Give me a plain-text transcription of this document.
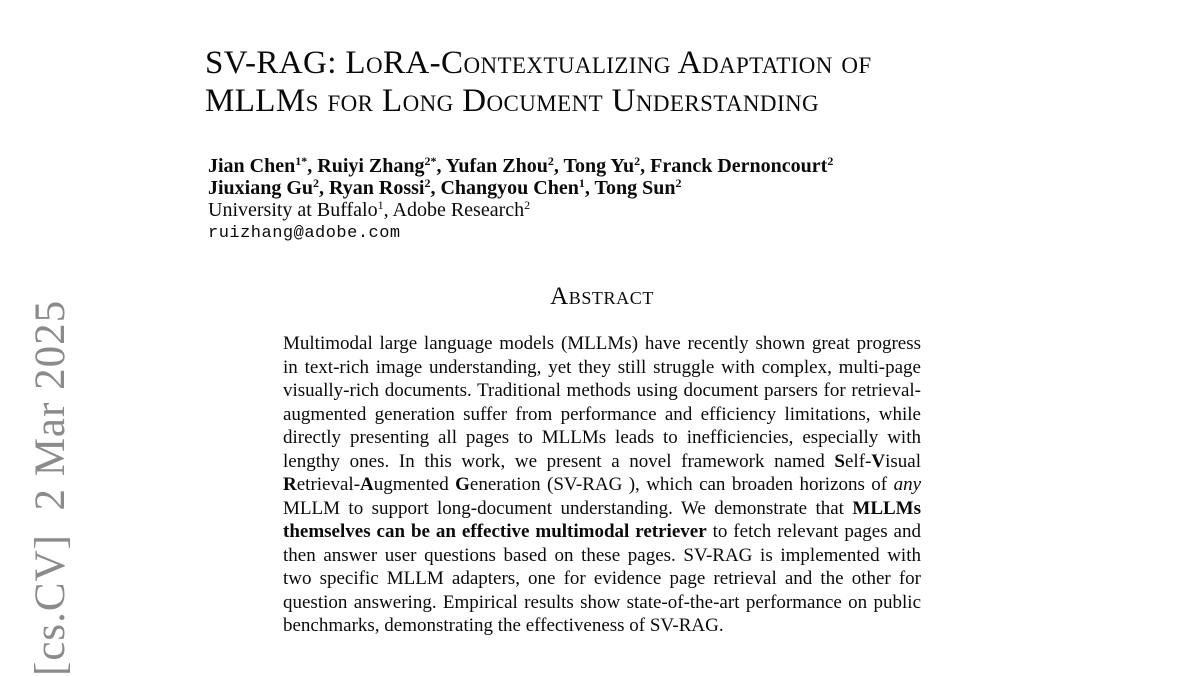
[cs.CV]  2 Mar 2025
SV-RAG: LoRA-Contextualizing Adaptation of
MLLMs for Long Document Understanding
Jian Chen$^{1*}$, Ruiyi Zhang$^{2*}$, Yufan Zhou$^2$, Tong Yu$^2$, Franck Dernoncourt$^2$
Jiuxiang Gu$^2$, Ryan Rossi$^2$, Changyou Chen$^1$, Tong Sun$^2$
University at Buffalo$^1$, Adobe Research$^2$
ruizhang@adobe.com
Abstract
Multimodal large language models (MLLMs) have recently shown great progress in text-rich image understanding, yet they still struggle with complex, multi-page visually-rich documents. Traditional methods using document parsers for retrieval-augmented generation suffer from performance and efficiency limitations, while directly presenting all pages to MLLMs leads to inefficiencies, especially with lengthy ones. In this work, we present a novel framework named Self-Visual Retrieval-Augmented Generation (SV-RAG ), which can broaden horizons of any MLLM to support long-document understanding. We demonstrate that MLLMs themselves can be an effective multimodal retriever to fetch relevant pages and then answer user questions based on these pages. SV-RAG is implemented with two specific MLLM adapters, one for evidence page retrieval and the other for question answering. Empirical results show state-of-the-art performance on public benchmarks, demonstrating the effectiveness of SV-RAG.
